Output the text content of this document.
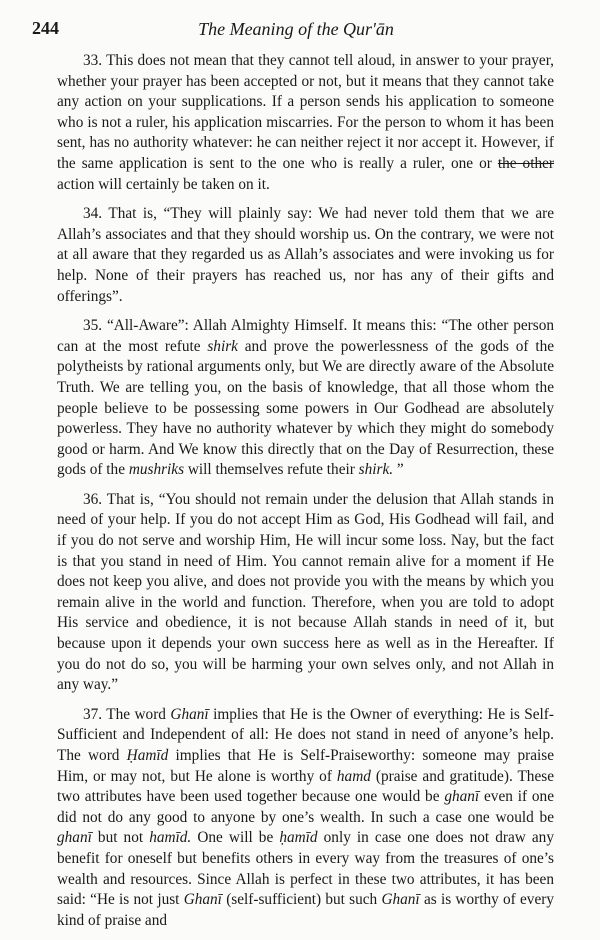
244	The Meaning of the Qur'ān

33. This does not mean that they cannot tell aloud, in answer to your prayer, whether your prayer has been accepted or not, but it means that they cannot take any action on your supplications. If a person sends his application to someone who is not a ruler, his application miscarries. For the person to whom it has been sent, has no authority whatever: he can neither reject it nor accept it. However, if the same application is sent to the one who is really a ruler, one or the other action will certainly be taken on it.

34. That is, “They will plainly say: We had never told them that we are Allah’s associates and that they should worship us. On the contrary, we were not at all aware that they regarded us as Allah’s associates and were invoking us for help. None of their prayers has reached us, nor has any of their gifts and offerings”.

35. “All-Aware”: Allah Almighty Himself. It means this: “The other person can at the most refute shirk and prove the powerlessness of the gods of the polytheists by rational arguments only, but We are directly aware of the Absolute Truth. We are telling you, on the basis of knowledge, that all those whom the people believe to be possessing some powers in Our Godhead are absolutely powerless. They have no authority whatever by which they might do somebody good or harm. And We know this directly that on the Day of Resurrection, these gods of the mushriks will themselves refute their shirk. ”

36. That is, “You should not remain under the delusion that Allah stands in need of your help. If you do not accept Him as God, His Godhead will fail, and if you do not serve and worship Him, He will incur some loss. Nay, but the fact is that you stand in need of Him. You cannot remain alive for a moment if He does not keep you alive, and does not provide you with the means by which you remain alive in the world and function. Therefore, when you are told to adopt His service and obedience, it is not because Allah stands in need of it, but because upon it depends your own success here as well as in the Hereafter. If you do not do so, you will be harming your own selves only, and not Allah in any way.”

37. The word Ghanī implies that He is the Owner of everything: He is Self-Sufficient and Independent of all: He does not stand in need of anyone’s help. The word Ḥamīd implies that He is Self-Praiseworthy: someone may praise Him, or may not, but He alone is worthy of hamd (praise and gratitude). These two attributes have been used together because one would be ghanī even if one did not do any good to anyone by one’s wealth. In such a case one would be ghanī but not hamīd. One will be ḥamīd only in case one does not draw any benefit for oneself but benefits others in every way from the treasures of one’s wealth and resources. Since Allah is perfect in these two attributes, it has been said: “He is not just Ghanī (self-sufficient) but such Ghanī as is worthy of every kind of praise and
